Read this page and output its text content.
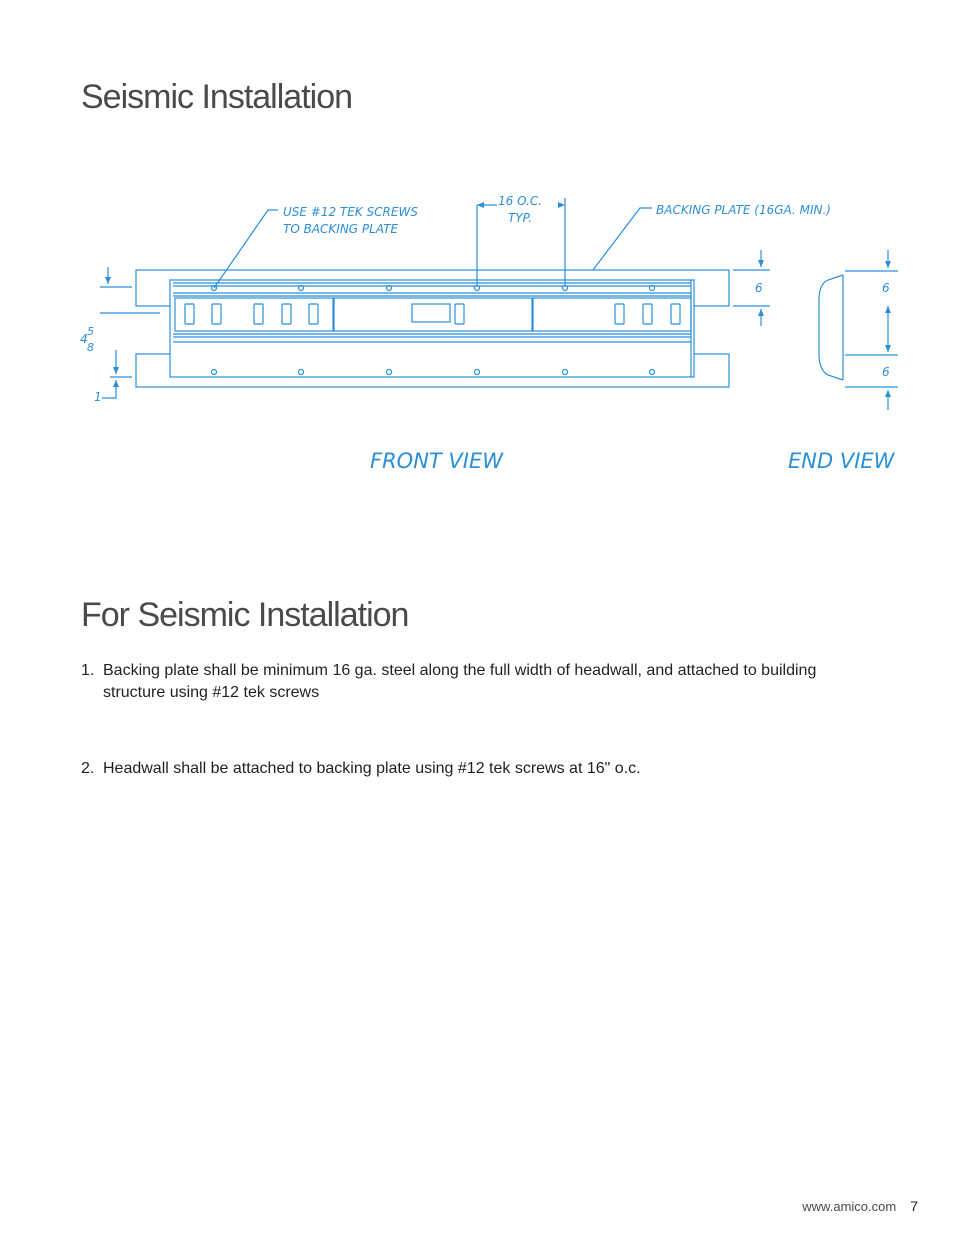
Seismic Installation
USE #12 TEK SCREWS
TO BACKING PLATE
16 O.C.
TYP.
BACKING PLATE (16GA. MIN.)
6	6
6
4
5
8
1
FRONT VIEW	END VIEW
For Seismic Installation
1. Backing plate shall be minimum 16 ga. steel along the full width of headwall, and attached to building structure using #12 tek screws
2. Headwall shall be attached to backing plate using #12 tek screws at 16" o.c.
www.amico.com 7
